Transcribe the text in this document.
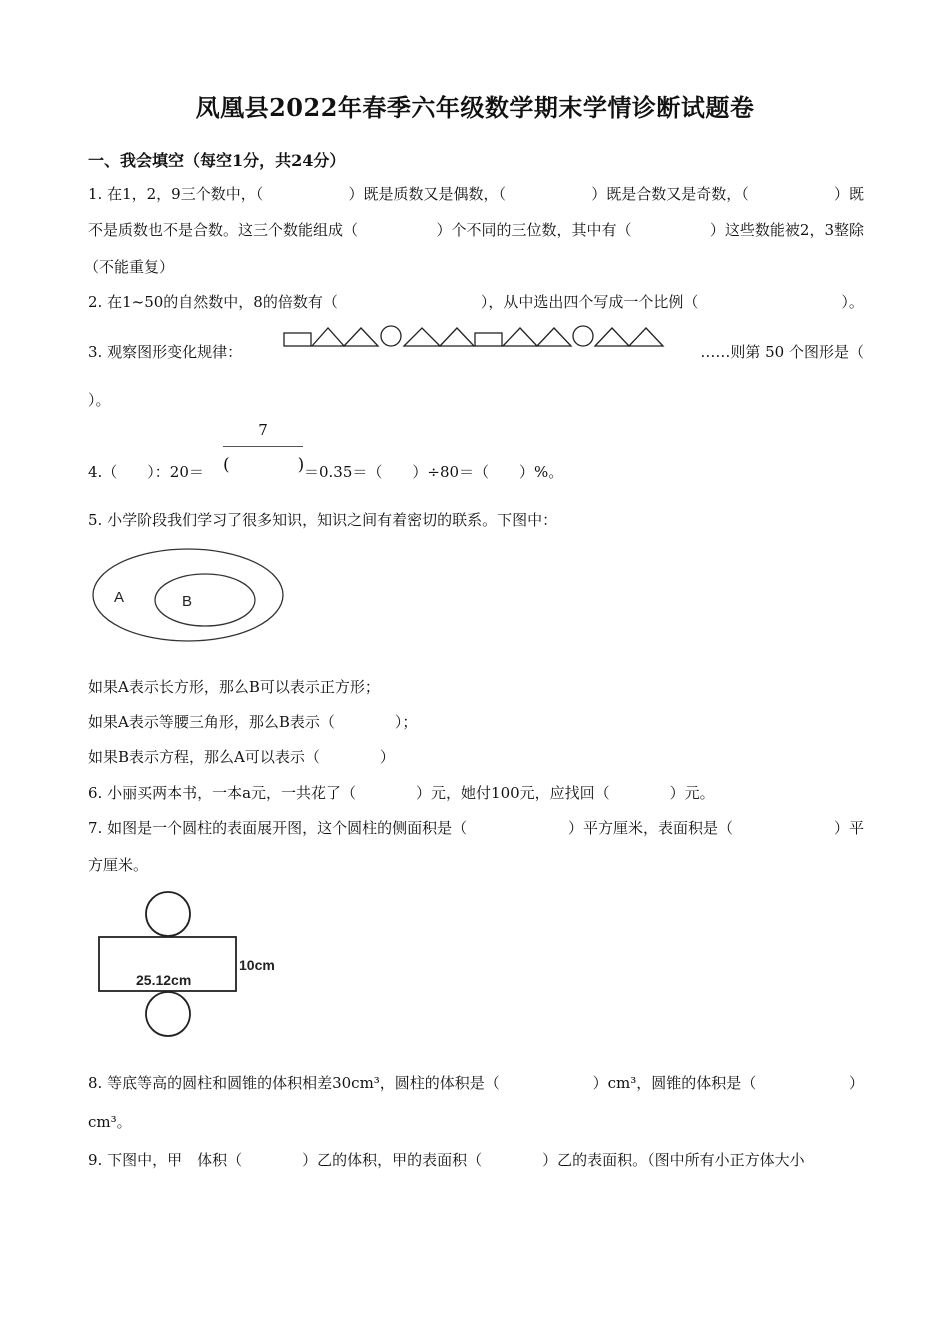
凤凰县2022年春季六年级数学期末学情诊断试题卷
一、我会填空（每空1分，共24分）
1. 在1，2，9三个数中，（	）既是质数又是偶数，（	）既是合数又是奇数，（	）既
不是质数也不是合数。这三个数能组成（	）个不同的三位数，其中有（	）这些数能被2，3整除
（不能重复）
2. 在1~50的自然数中，8的倍数有（                              ），从中选出四个写成一个比例（                              ）。
3. 观察图形变化规律：	……则第 50 个图形是（
）。
4.（　　）：20＝
7
(　　　　) ＝0.35＝（　　）÷80＝（　　）%。
5. 小学阶段我们学习了很多知识，知识之间有着密切的联系。下图中：
A	B
如果A表示长方形，那么B可以表示正方形；
如果A表示等腰三角形，那么B表示（　　　　）；
如果B表示方程，那么A可以表示（　　　　）
6. 小丽买两本书，一本a元，一共花了（　　　　）元，她付100元，应找回（　　　　）元。
7. 如图是一个圆柱的表面展开图，这个圆柱的侧面积是（	）平方厘米，表面积是（	）平
方厘米。
25.12cm
10cm
8. 等底等高的圆柱和圆锥的体积相差30cm³，圆柱的体积是（	）cm³，圆锥的体积是（	）
cm³。
9. 下图中，甲　体积（　　　　）乙的体积，甲的表面积（　　　　）乙的表面积。（图中所有小正方体大小
